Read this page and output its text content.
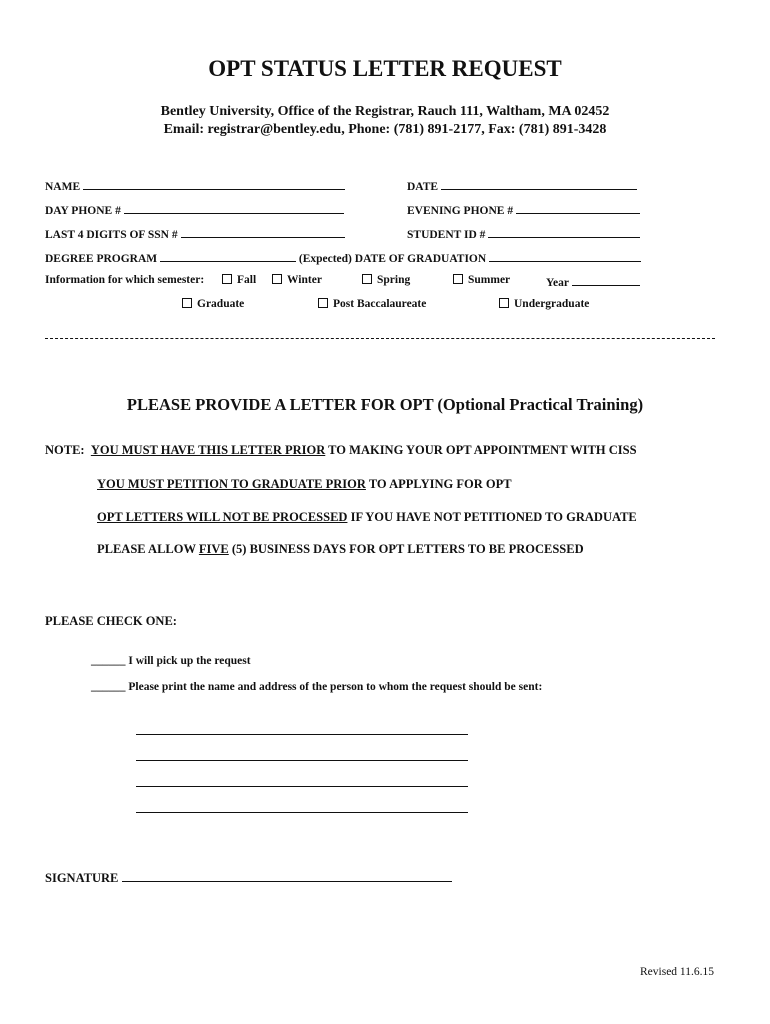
OPT STATUS LETTER REQUEST
Bentley University, Office of the Registrar, Rauch 111, Waltham, MA 02452
Email: registrar@bentley.edu, Phone: (781) 891-2177, Fax: (781) 891-3428
NAME	DATE
DAY PHONE #	EVENING PHONE #
LAST 4 DIGITS OF SSN #	STUDENT ID #
DEGREE PROGRAM	(Expected) DATE OF GRADUATION
Information for which semester:	Fall	Winter	Spring	Summer	Year
Graduate	Post Baccalaureate	Undergraduate
PLEASE PROVIDE A LETTER FOR OPT (Optional Practical Training)
NOTE: YOU MUST HAVE THIS LETTER PRIOR TO MAKING YOUR OPT APPOINTMENT WITH CISS
YOU MUST PETITION TO GRADUATE PRIOR TO APPLYING FOR OPT
OPT LETTERS WILL NOT BE PROCESSED IF YOU HAVE NOT PETITIONED TO GRADUATE
PLEASE ALLOW FIVE (5) BUSINESS DAYS FOR OPT LETTERS TO BE PROCESSED
PLEASE CHECK ONE:
______ I will pick up the request
______ Please print the name and address of the person to whom the request should be sent:
SIGNATURE
Revised 11.6.15
